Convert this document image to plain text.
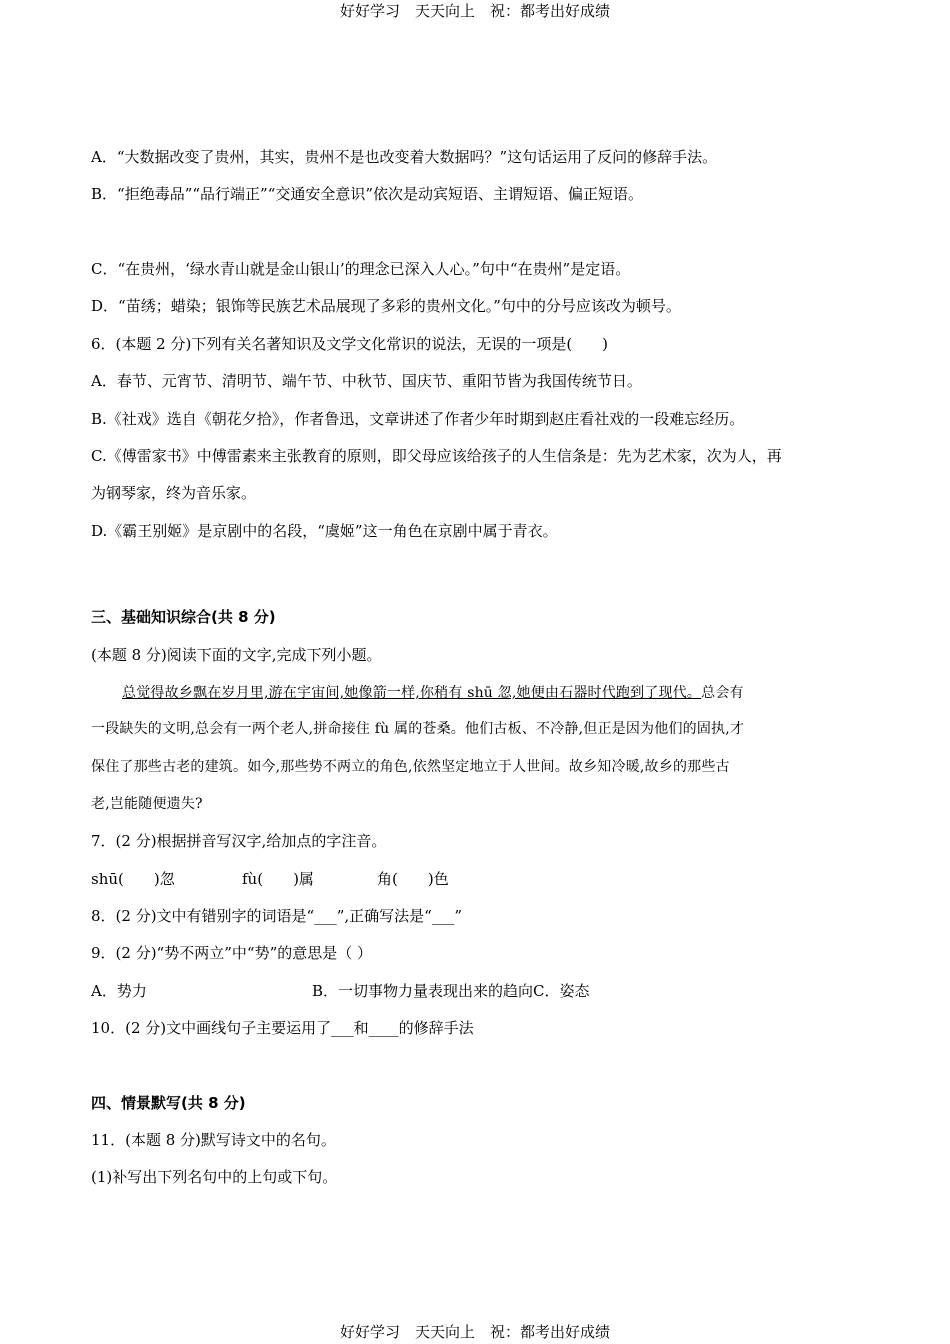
好好学习　天天向上　祝：都考出好成绩
A．“大数据改变了贵州，其实，贵州不是也改变着大数据吗？”这句话运用了反问的修辞手法。
B．“拒绝毒品”“品行端正”“交通安全意识”依次是动宾短语、主谓短语、偏正短语。
C．“在贵州，‘绿水青山就是金山银山’的理念已深入人心。”句中“在贵州”是定语。
D．“苗绣；蜡染；银饰等民族艺术品展现了多彩的贵州文化。”句中的分号应该改为顿号。
6．(本题 2 分)下列有关名著知识及文学文化常识的说法，无误的一项是(　　)
A．春节、元宵节、清明节、端午节、中秋节、国庆节、重阳节皆为我国传统节日。
B.《社戏》选自《朝花夕拾》，作者鲁迅，文章讲述了作者少年时期到赵庄看社戏的一段难忘经历。
C.《傅雷家书》中傅雷素来主张教育的原则，即父母应该给孩子的人生信条是：先为艺术家，次为人，再
为钢琴家，终为音乐家。
D.《霸王别姬》是京剧中的名段，“虞姬”这一角色在京剧中属于青衣。
三、基础知识综合(共 8 分)
(本题 8 分)阅读下面的文字,完成下列小题。
总觉得故乡飘在岁月里,游在宇宙间,她像箭一样,你稍有 shū 忽,她便由石器时代跑到了现代。总会有
一段缺失的文明,总会有一两个老人,拼命接住 fù 属的苍桑。他们古板、不冷静,但正是因为他们的固执,才
保住了那些古老的建筑。如今,那些势不两立的角色,依然坚定地立于人世间。故乡知冷暖,故乡的那些古
老,岂能随便遗失?
7．(2 分)根据拼音写汉字,给加点的字注音。
shū(　　)忽	fù(　　)属	角(　　)色
8．(2 分)文中有错别字的词语是“___”,正确写法是“___”
9．(2 分)“势不两立”中“势”的意思是（ ）
A．势力	B．一切事物力量表现出来的趋向C．姿态
10．(2 分)文中画线句子主要运用了___和____的修辞手法
四、情景默写(共 8 分)
11．(本题 8 分)默写诗文中的名句。
(1)补写出下列名句中的上句或下句。
好好学习　天天向上　祝：都考出好成绩
